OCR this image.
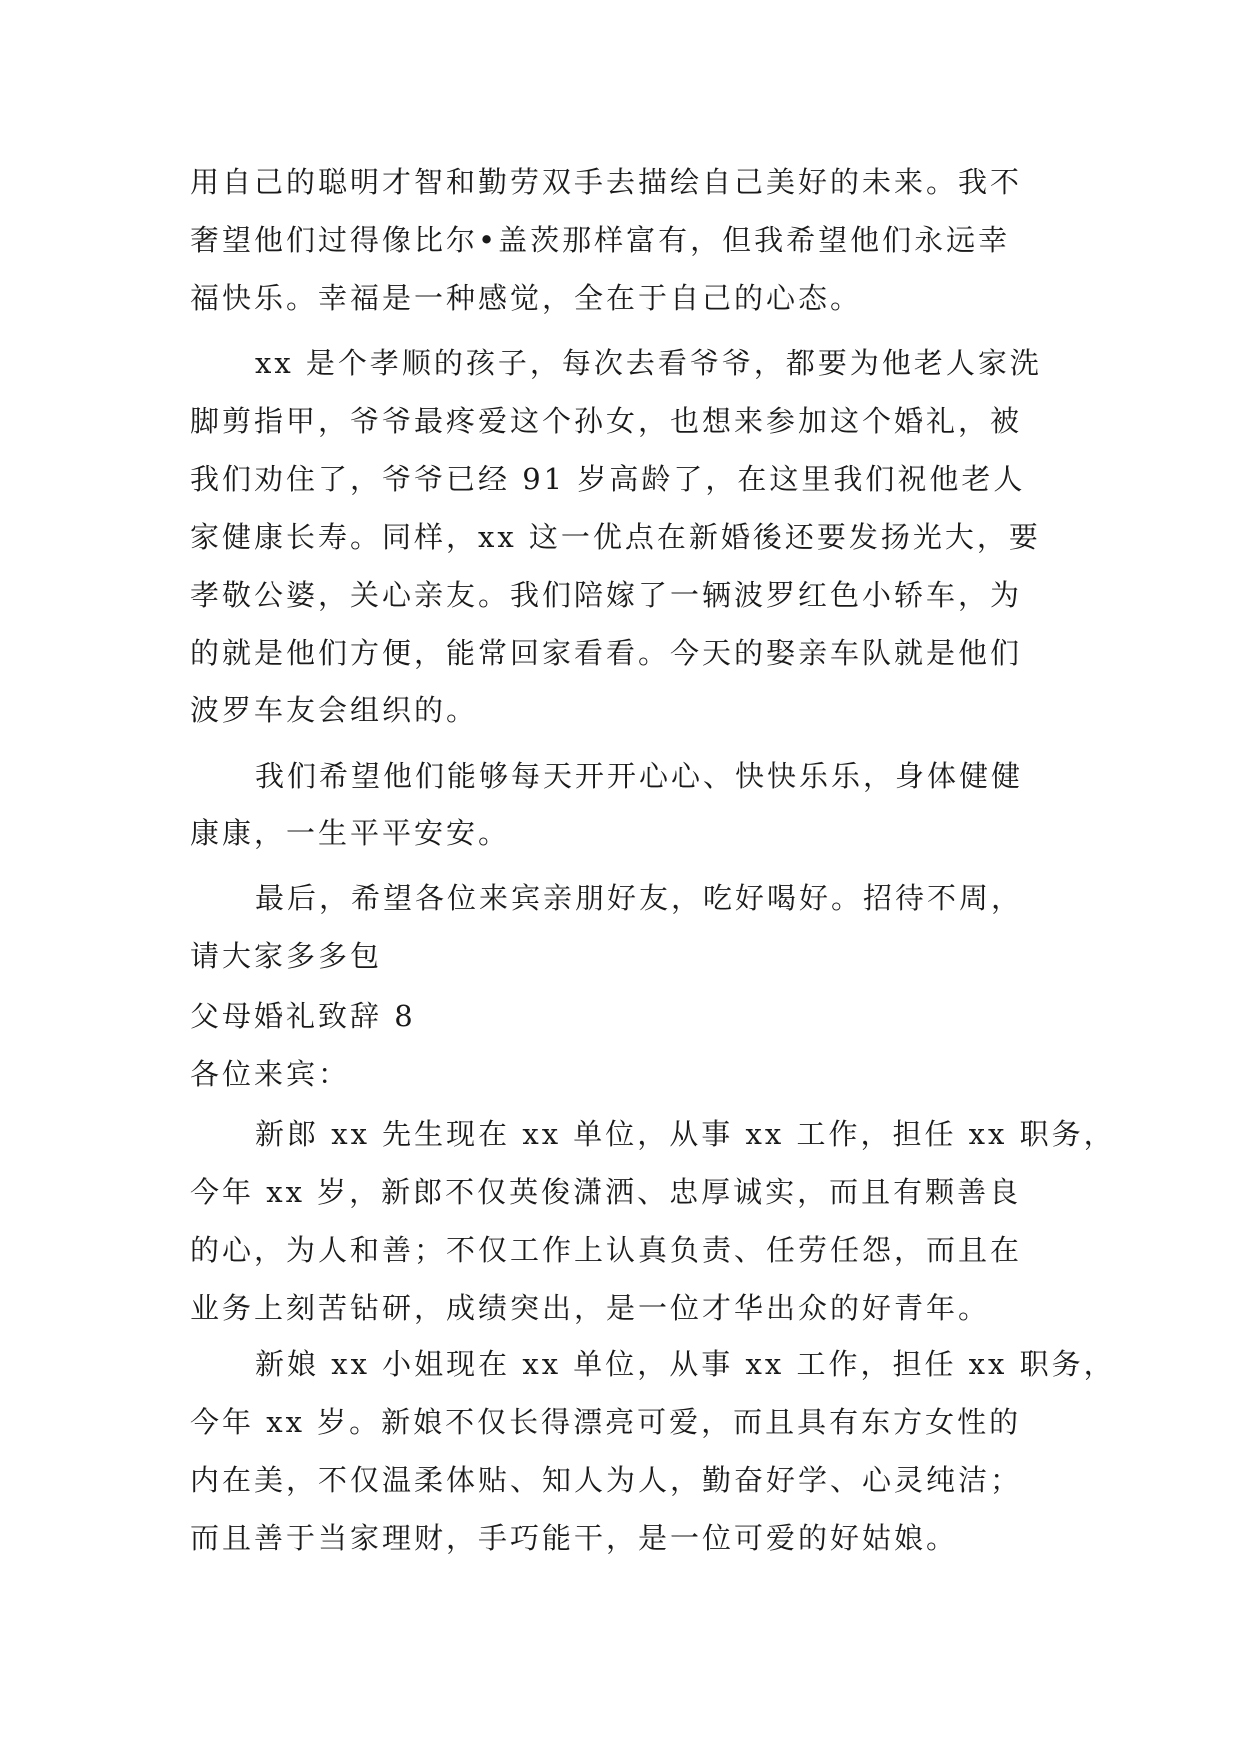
用自己的聪明才智和勤劳双手去描绘自己美好的未来。我不
奢望他们过得像比尔•盖茨那样富有，但我希望他们永远幸
福快乐。幸福是一种感觉，全在于自己的心态。
xx 是个孝顺的孩子，每次去看爷爷，都要为他老人家洗
脚剪指甲，爷爷最疼爱这个孙女，也想来参加这个婚礼，被
我们劝住了，爷爷已经 91 岁高龄了，在这里我们祝他老人
家健康长寿。同样，xx 这一优点在新婚後还要发扬光大，要
孝敬公婆，关心亲友。我们陪嫁了一辆波罗红色小轿车，为
的就是他们方便，能常回家看看。今天的娶亲车队就是他们
波罗车友会组织的。
我们希望他们能够每天开开心心、快快乐乐，身体健健
康康，一生平平安安。
最后，希望各位来宾亲朋好友，吃好喝好。招待不周，
请大家多多包
父母婚礼致辞 8
各位来宾：
新郎 xx 先生现在 xx 单位，从事 xx 工作，担任 xx 职务，
今年 xx 岁，新郎不仅英俊潇洒、忠厚诚实，而且有颗善良
的心，为人和善；不仅工作上认真负责、任劳任怨，而且在
业务上刻苦钻研，成绩突出，是一位才华出众的好青年。
新娘 xx 小姐现在 xx 单位，从事 xx 工作，担任 xx 职务，
今年 xx 岁。新娘不仅长得漂亮可爱，而且具有东方女性的
内在美，不仅温柔体贴、知人为人，勤奋好学、心灵纯洁；
而且善于当家理财，手巧能干，是一位可爱的好姑娘。
